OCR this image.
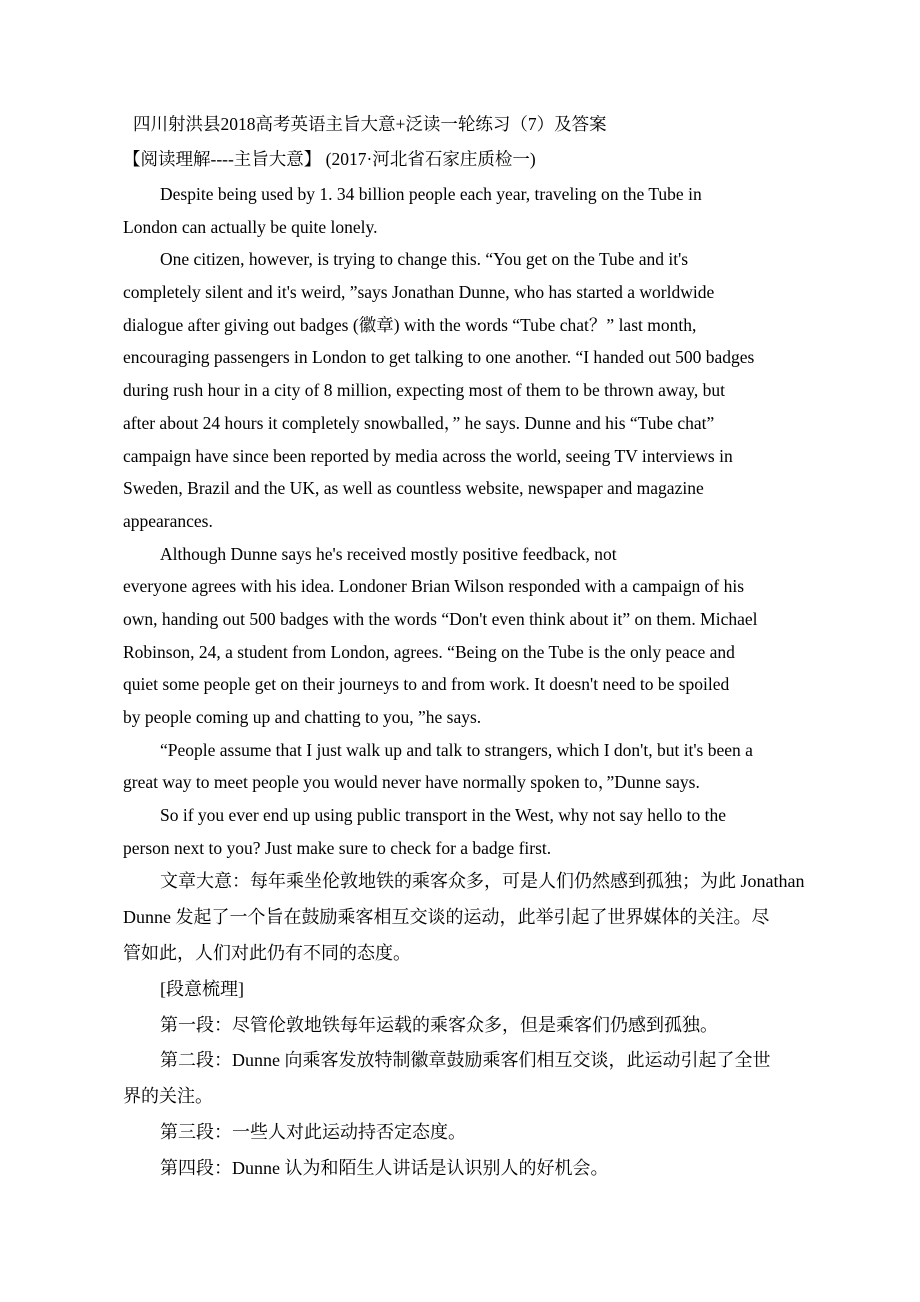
四川射洪县2018高考英语主旨大意+泛读一轮练习（7）及答案
【阅读理解----主旨大意】 (2017·河北省石家庄质检一)
Despite being used by 1. 34 billion people each year, traveling on the Tube in
London can actually be quite lonely.
One citizen, however, is trying to change this. “You get on the Tube and it's
completely silent and it's weird, ”says Jonathan Dunne, who has started a worldwide
dialogue after giving out badges (徽章) with the words “Tube chat？” last month,
encouraging passengers in London to get talking to one another. “I handed out 500 badges
during rush hour in a city of 8 million, expecting most of them to be thrown away, but
after about 24 hours it completely snowballed，” he says. Dunne and his “Tube chat”
campaign have since been reported by media across the world, seeing TV interviews in
Sweden, Brazil and the UK, as well as countless website, newspaper and magazine
appearances.
Although Dunne says he's received mostly positive feedback, not
everyone agrees with his idea. Londoner Brian Wilson responded with a campaign of his
own, handing out 500 badges with the words “Don't even think about it” on them. Michael
Robinson, 24, a student from London, agrees. “Being on the Tube is the only peace and
quiet some people get on their journeys to and from work. It doesn't need to be spoiled
by people coming up and chatting to you, ”he says.
“People assume that I just walk up and talk to strangers, which I don't, but it's been a
great way to meet people you would never have normally spoken to，”Dunne says.
So if you ever end up using public transport in the West, why not say hello to the
person next to you? Just make sure to check for a badge first.
文章大意：每年乘坐伦敦地铁的乘客众多，可是人们仍然感到孤独；为此 Jonathan
Dunne 发起了一个旨在鼓励乘客相互交谈的运动，此举引起了世界媒体的关注。尽
管如此，人们对此仍有不同的态度。
[段意梳理]
第一段：尽管伦敦地铁每年运载的乘客众多，但是乘客们仍感到孤独。
第二段：Dunne 向乘客发放特制徽章鼓励乘客们相互交谈，此运动引起了全世
界的关注。
第三段：一些人对此运动持否定态度。
第四段：Dunne 认为和陌生人讲话是认识别人的好机会。
